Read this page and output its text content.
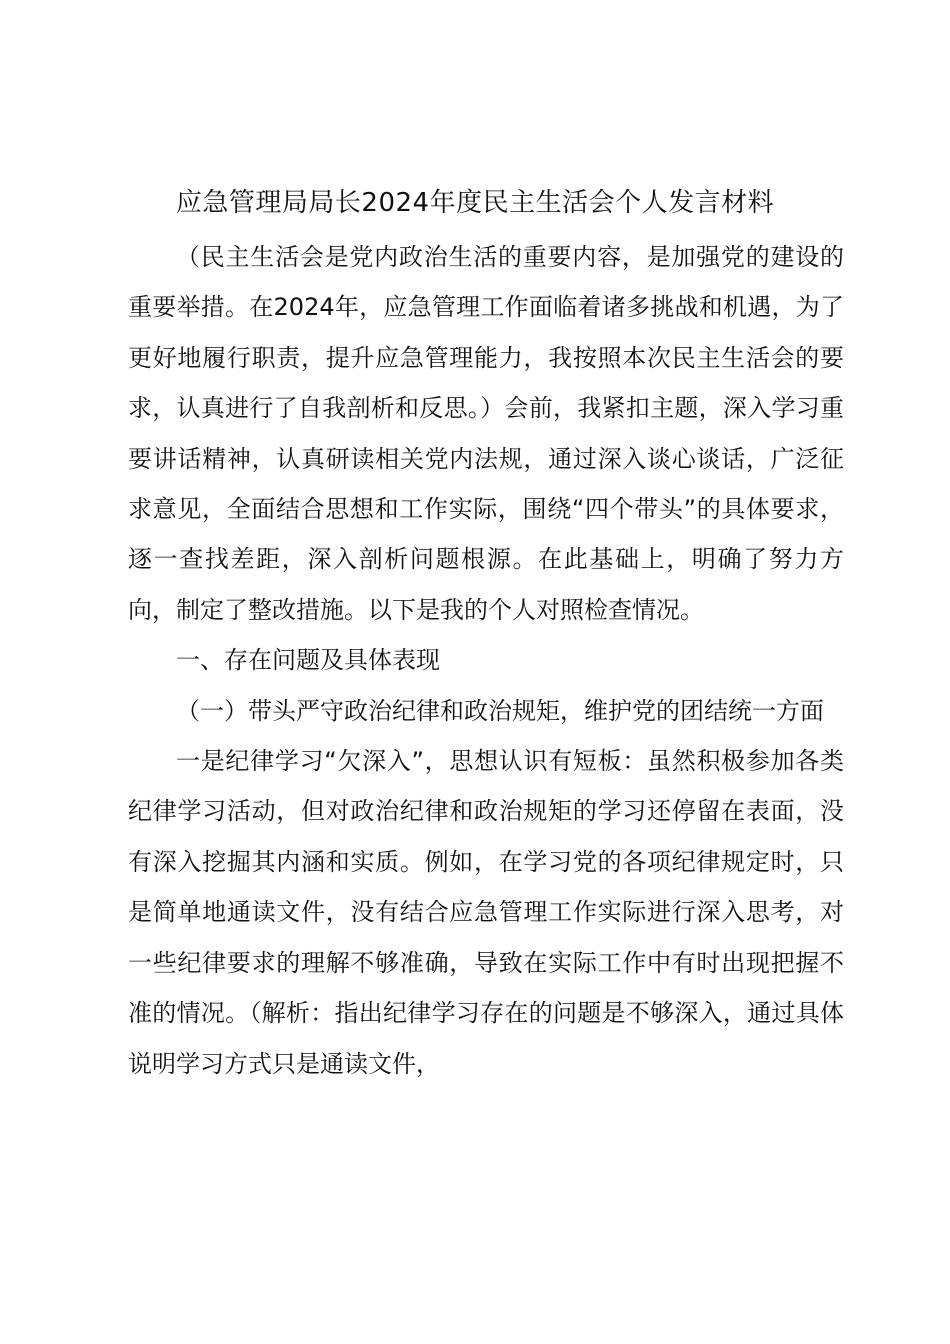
应急管理局局长2024年度民主生活会个人发言材料

（民主生活会是党内政治生活的重要内容，是加强党的建设的重要举措。在2024年，应急管理工作面临着诸多挑战和机遇，为了更好地履行职责，提升应急管理能力，我按照本次民主生活会的要求，认真进行了自我剖析和反思。）会前，我紧扣主题，深入学习重要讲话精神，认真研读相关党内法规，通过深入谈心谈话，广泛征求意见，全面结合思想和工作实际，围绕“四个带头”的具体要求，逐一查找差距，深入剖析问题根源。在此基础上，明确了努力方向，制定了整改措施。以下是我的个人对照检查情况。

一、存在问题及具体表现

（一）带头严守政治纪律和政治规矩，维护党的团结统一方面

一是纪律学习“欠深入”，思想认识有短板：虽然积极参加各类纪律学习活动，但对政治纪律和政治规矩的学习还停留在表面，没有深入挖掘其内涵和实质。例如，在学习党的各项纪律规定时，只是简单地通读文件，没有结合应急管理工作实际进行深入思考，对一些纪律要求的理解不够准确，导致在实际工作中有时出现把握不准的情况。（解析：指出纪律学习存在的问题是不够深入，通过具体说明学习方式只是通读文件，
